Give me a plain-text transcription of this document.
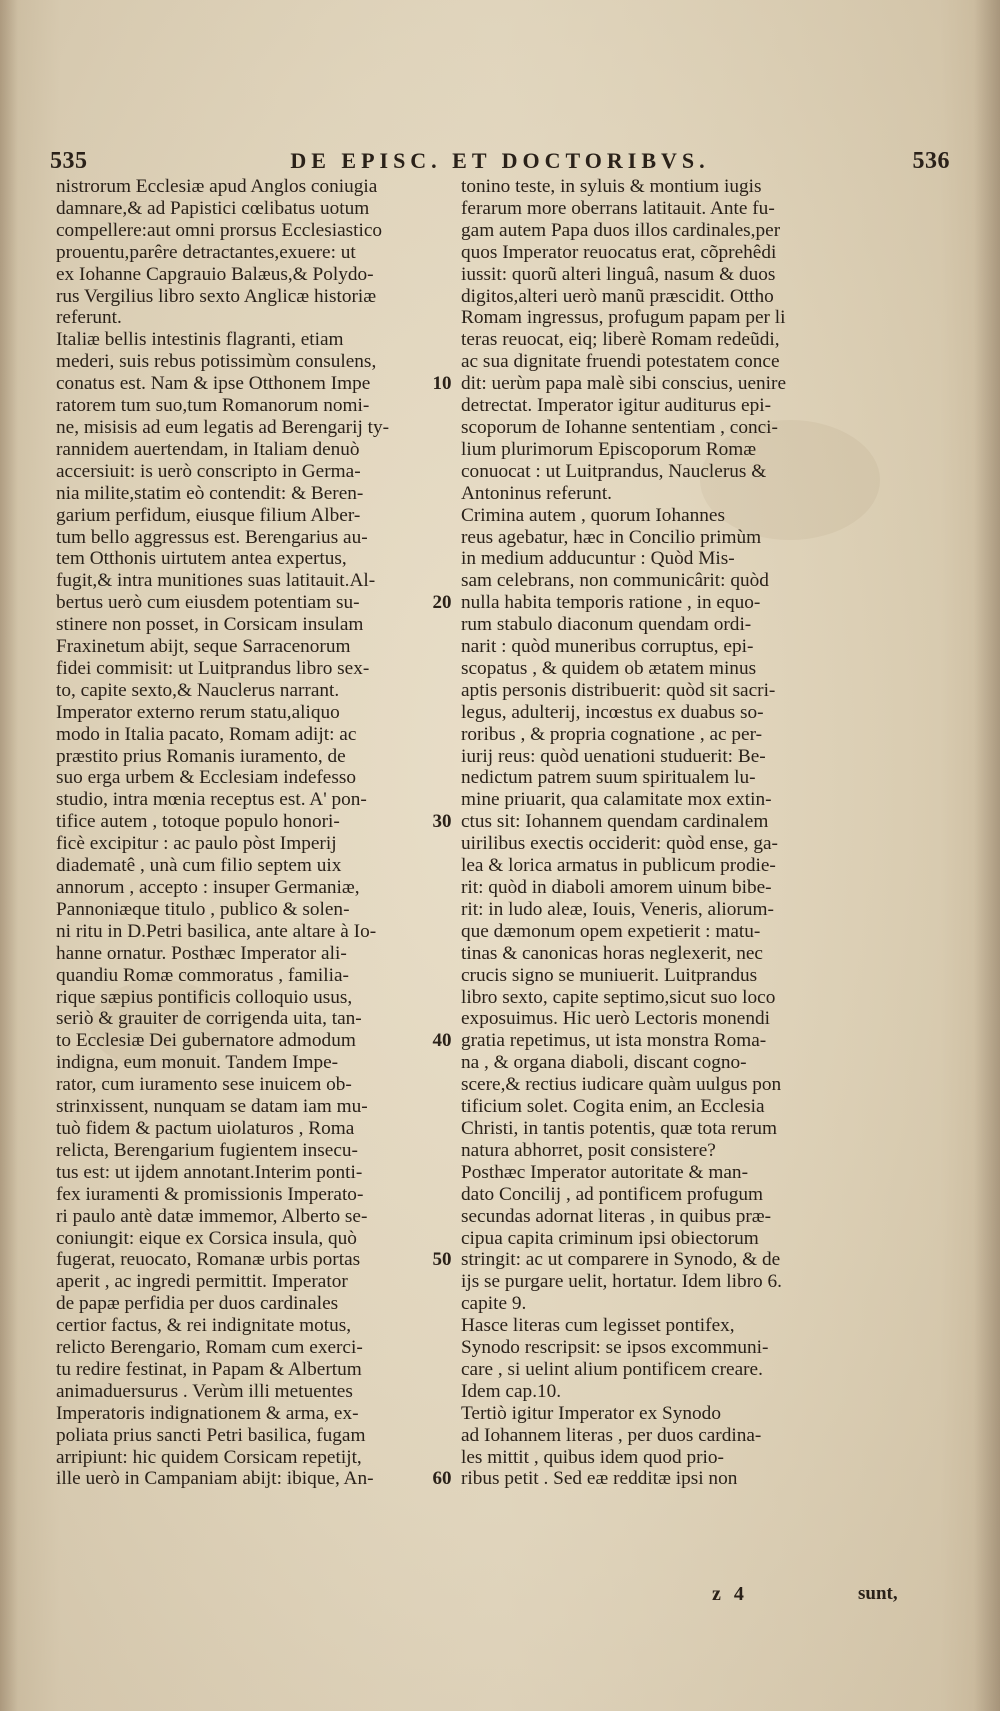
535	DE EPISC. ET DOCTORIBVS.	536
nistrorum Ecclesiæ apud Anglos coniugia
damnare,& ad Papistici cœlibatus uotum
compellere:aut omni prorsus Ecclesiastico
prouentu,parêre detractantes,exuere: ut
ex Iohanne Capgrauio Balæus,& Polydo-
rus Vergilius libro sexto Anglicæ historiæ
referunt.
Italiæ bellis intestinis flagranti, etiam
mederi, suis rebus potissimùm consulens,
conatus est. Nam & ipse Otthonem Impe
ratorem tum suo,tum Romanorum nomi-
ne, misisis ad eum legatis ad Berengarij ty-
rannidem auertendam, in Italiam denuò
accersiuit: is uerò conscripto in Germa-
nia milite,statim eò contendit: & Beren-
garium perfidum, eiusque filium Alber-
tum bello aggressus est. Berengarius au-
tem Otthonis uirtutem antea expertus,
fugit,& intra munitiones suas latitauit.Al-
bertus uerò cum eiusdem potentiam su-
stinere non posset, in Corsicam insulam
Fraxinetum abijt, seque Sarracenorum
fidei commisit: ut Luitprandus libro sex-
to, capite sexto,& Nauclerus narrant.
Imperator externo rerum statu,aliquo
modo in Italia pacato, Romam adijt: ac
præstito prius Romanis iuramento, de
suo erga urbem & Ecclesiam indefesso
studio, intra mœnia receptus est. A' pon-
tifice autem , totoque populo honori-
ficè excipitur : ac paulo pòst Imperij
diadematê , unà cum filio septem uix
annorum , accepto : insuper Germaniæ,
Pannoniæque titulo , publico & solen-
ni ritu in D.Petri basilica, ante altare à Io-
hanne ornatur. Posthæc Imperator ali-
quandiu Romæ commoratus , familia-
rique sæpius pontificis colloquio usus,
seriò & grauiter de corrigenda uita, tan-
to Ecclesiæ Dei gubernatore admodum
indigna, eum monuit. Tandem Impe-
rator, cum iuramento sese inuicem ob-
strinxissent, nunquam se datam iam mu-
tuò fidem & pactum uiolaturos , Roma
relicta, Berengarium fugientem insecu-
tus est: ut ijdem annotant.Interim ponti-
fex iuramenti & promissionis Imperato-
ri paulo antè datæ immemor, Alberto se-
coniungit: eique ex Corsica insula, quò
fugerat, reuocato, Romanæ urbis portas
aperit , ac ingredi permittit. Imperator
de papæ perfidia per duos cardinales
certior factus, & rei indignitate motus,
relicto Berengario, Romam cum exerci-
tu redire festinat, in Papam & Albertum
animaduersurus . Verùm illi metuentes
Imperatoris indignationem & arma, ex-
poliata prius sancti Petri basilica, fugam
arripiunt: hic quidem Corsicam repetijt,
ille uerò in Campaniam abijt: ibique, An-
tonino teste, in syluis & montium iugis
ferarum more oberrans latitauit. Ante fu-
gam autem Papa duos illos cardinales,per
quos Imperator reuocatus erat, cõprehêdi
iussit: quorũ alteri linguâ, nasum & duos
digitos,alteri uerò manũ præscidit. Ottho
Romam ingressus, profugum papam per li
teras reuocat, eiq; liberè Romam redeũdi,
ac sua dignitate fruendi potestatem conce
dit: uerùm papa malè sibi conscius, uenire
detrectat. Imperator igitur auditurus epi-
scoporum de Iohanne sententiam , conci-
lium plurimorum Episcoporum Romæ
conuocat : ut Luitprandus, Nauclerus &
Antoninus referunt.
Crimina autem , quorum Iohannes
reus agebatur, hæc in Concilio primùm
in medium adducuntur : Quòd Mis-
sam celebrans, non communicârit: quòd
nulla habita temporis ratione , in equo-
rum stabulo diaconum quendam ordi-
narit : quòd muneribus corruptus, epi-
scopatus , & quidem ob ætatem minus
aptis personis distribuerit: quòd sit sacri-
legus, adulterij, incœstus ex duabus so-
roribus , & propria cognatione , ac per-
iurij reus: quòd uenationi studuerit: Be-
nedictum patrem suum spiritualem lu-
mine priuarit, qua calamitate mox extin-
ctus sit: Iohannem quendam cardinalem
uirilibus exectis occiderit: quòd ense, ga-
lea & lorica armatus in publicum prodie-
rit: quòd in diaboli amorem uinum bibe-
rit: in ludo aleæ, Iouis, Veneris, aliorum-
que dæmonum opem expetierit : matu-
tinas & canonicas horas neglexerit, nec
crucis signo se muniuerit. Luitprandus
libro sexto, capite septimo,sicut suo loco
exposuimus. Hic uerò Lectoris monendi
gratia repetimus, ut ista monstra Roma-
na , & organa diaboli, discant cogno-
scere,& rectius iudicare quàm uulgus pon
tificium solet. Cogita enim, an Ecclesia
Christi, in tantis potentis, quæ tota rerum
natura abhorret, posit consistere?
Posthæc Imperator autoritate & man-
dato Concilij , ad pontificem profugum
secundas adornat literas , in quibus præ-
cipua capita criminum ipsi obiectorum
stringit: ac ut comparere in Synodo, & de
ijs se purgare uelit, hortatur. Idem libro 6.
capite 9.
Hasce literas cum legisset pontifex,
Synodo rescripsit: se ipsos excommuni-
care , si uelint alium pontificem creare.
Idem cap.10.
Tertiò igitur Imperator ex Synodo
ad Iohannem literas , per duos cardina-
les mittit , quibus idem quod prio-
ribus petit . Sed eæ redditæ ipsi non
10
20
30
40
50
60
z 4	sunt,
